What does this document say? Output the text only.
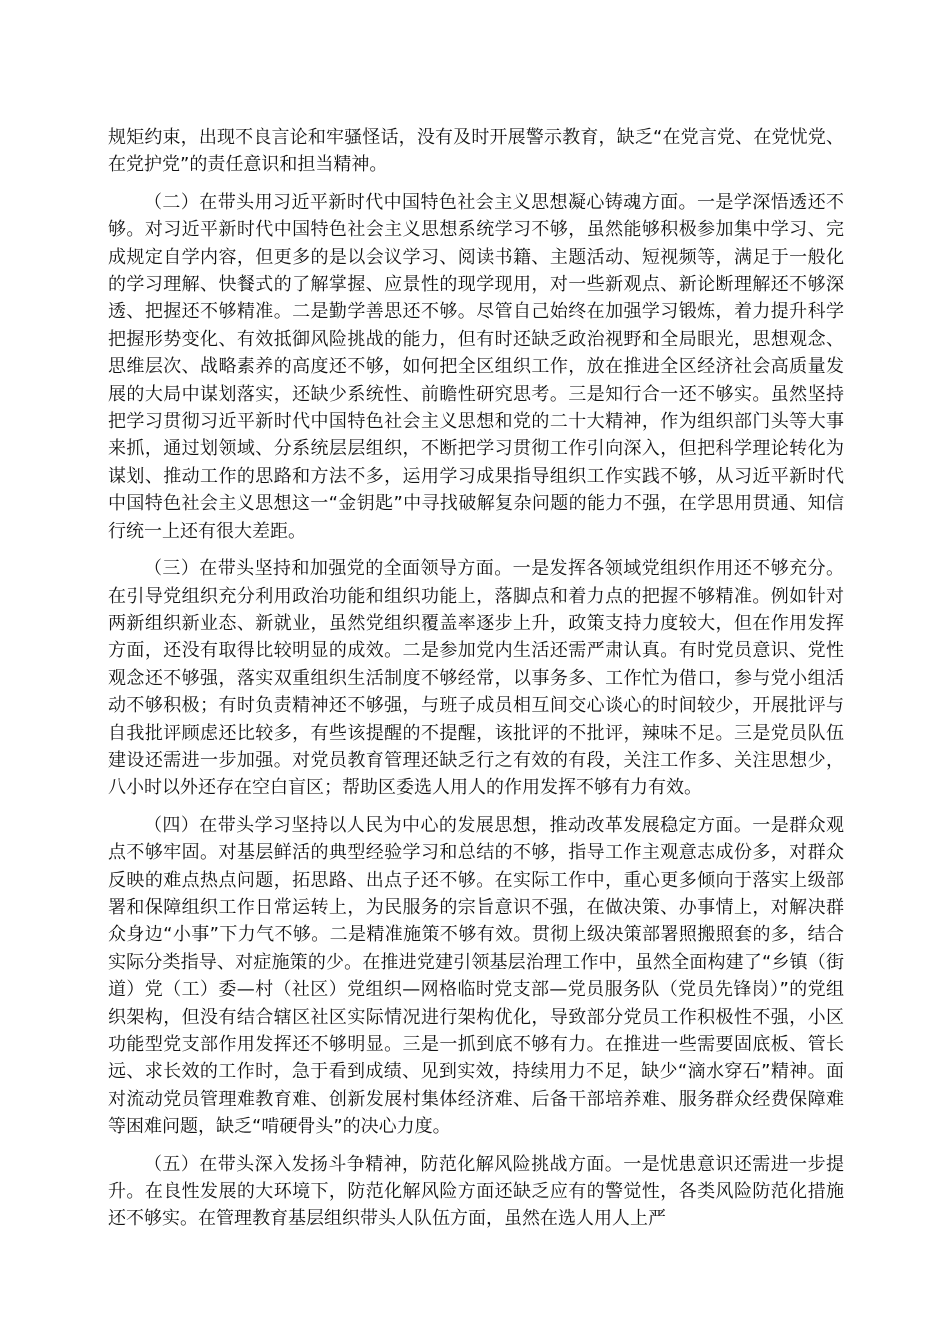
规矩约束，出现不良言论和牢骚怪话，没有及时开展警示教育，缺乏“在党言党、在党忧党、在党护党”的责任意识和担当精神。

（二）在带头用习近平新时代中国特色社会主义思想凝心铸魂方面。一是学深悟透还不够。对习近平新时代中国特色社会主义思想系统学习不够，虽然能够积极参加集中学习、完成规定自学内容，但更多的是以会议学习、阅读书籍、主题活动、短视频等，满足于一般化的学习理解、快餐式的了解掌握、应景性的现学现用，对一些新观点、新论断理解还不够深透、把握还不够精准。二是勤学善思还不够。尽管自己始终在加强学习锻炼，着力提升科学把握形势变化、有效抵御风险挑战的能力，但有时还缺乏政治视野和全局眼光，思想观念、思维层次、战略素养的高度还不够，如何把全区组织工作，放在推进全区经济社会高质量发展的大局中谋划落实，还缺少系统性、前瞻性研究思考。三是知行合一还不够实。虽然坚持把学习贯彻习近平新时代中国特色社会主义思想和党的二十大精神，作为组织部门头等大事来抓，通过划领域、分系统层层组织，不断把学习贯彻工作引向深入，但把科学理论转化为谋划、推动工作的思路和方法不多，运用学习成果指导组织工作实践不够，从习近平新时代中国特色社会主义思想这一“金钥匙”中寻找破解复杂问题的能力不强，在学思用贯通、知信行统一上还有很大差距。

（三）在带头坚持和加强党的全面领导方面。一是发挥各领域党组织作用还不够充分。在引导党组织充分利用政治功能和组织功能上，落脚点和着力点的把握不够精准。例如针对两新组织新业态、新就业，虽然党组织覆盖率逐步上升，政策支持力度较大，但在作用发挥方面，还没有取得比较明显的成效。二是参加党内生活还需严肃认真。有时党员意识、党性观念还不够强，落实双重组织生活制度不够经常，以事务多、工作忙为借口，参与党小组活动不够积极；有时负责精神还不够强，与班子成员相互间交心谈心的时间较少，开展批评与自我批评顾虑还比较多，有些该提醒的不提醒，该批评的不批评，辣味不足。三是党员队伍建设还需进一步加强。对党员教育管理还缺乏行之有效的有段，关注工作多、关注思想少，八小时以外还存在空白盲区；帮助区委选人用人的作用发挥不够有力有效。

（四）在带头学习坚持以人民为中心的发展思想，推动改革发展稳定方面。一是群众观点不够牢固。对基层鲜活的典型经验学习和总结的不够，指导工作主观意志成份多，对群众反映的难点热点问题，拓思路、出点子还不够。在实际工作中，重心更多倾向于落实上级部署和保障组织工作日常运转上，为民服务的宗旨意识不强，在做决策、办事情上，对解决群众身边“小事”下力气不够。二是精准施策不够有效。贯彻上级决策部署照搬照套的多，结合实际分类指导、对症施策的少。在推进党建引领基层治理工作中，虽然全面构建了“乡镇（街道）党（工）委—村（社区）党组织—网格临时党支部—党员服务队（党员先锋岗）”的党组织架构，但没有结合辖区社区实际情况进行架构优化，导致部分党员工作积极性不强，小区功能型党支部作用发挥还不够明显。三是一抓到底不够有力。在推进一些需要固底板、管长远、求长效的工作时，急于看到成绩、见到实效，持续用力不足，缺少“滴水穿石”精神。面对流动党员管理难教育难、创新发展村集体经济难、后备干部培养难、服务群众经费保障难等困难问题，缺乏“啃硬骨头”的决心力度。

（五）在带头深入发扬斗争精神，防范化解风险挑战方面。一是忧患意识还需进一步提升。在良性发展的大环境下，防范化解风险方面还缺乏应有的警觉性，各类风险防范化措施还不够实。在管理教育基层组织带头人队伍方面，虽然在选人用人上严
